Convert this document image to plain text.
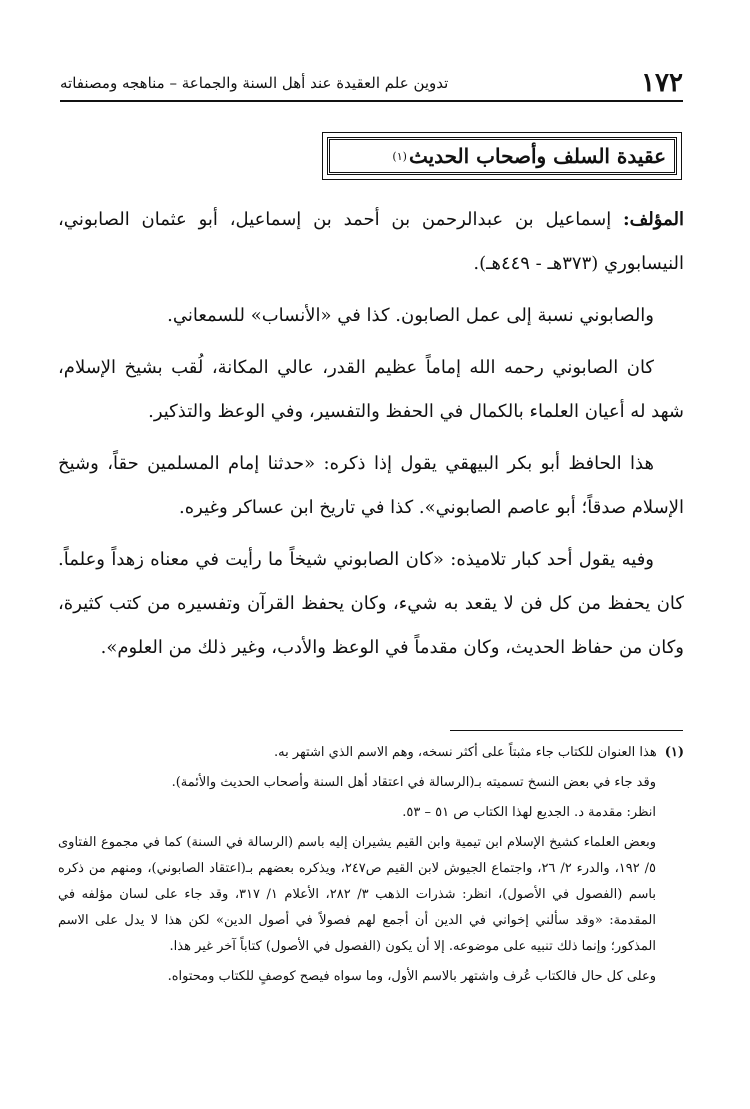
١٧٢
تدوين علم العقيدة عند أهل السنة والجماعة – مناهجه ومصنفاته
عقيدة السلف وأصحاب الحديث
(١)

المؤلف: إسماعيل بن عبدالرحمن بن أحمد بن إسماعيل، أبو عثمان الصابوني، النيسابوري (٣٧٣هـ - ٤٤٩هـ).

والصابوني نسبة إلى عمل الصابون. كذا في «الأنساب» للسمعاني.

كان الصابوني رحمه الله إماماً عظيم القدر، عالي المكانة، لُقب بشيخ الإسلام، شهد له أعيان العلماء بالكمال في الحفظ والتفسير، وفي الوعظ والتذكير.

هذا الحافظ أبو بكر البيهقي يقول إذا ذكره: «حدثنا إمام المسلمين حقاً، وشيخ الإسلام صدقاً؛ أبو عاصم الصابوني». كذا في تاريخ ابن عساكر وغيره.

وفيه يقول أحد كبار تلاميذه: «كان الصابوني شيخاً ما رأيت في معناه زهداً وعلماً. كان يحفظ من كل فن لا يقعد به شيء، وكان يحفظ القرآن وتفسيره من كتب كثيرة، وكان من حفاظ الحديث، وكان مقدماً في الوعظ والأدب، وغير ذلك من العلوم».

(١)
هذا العنوان للكتاب جاء مثبتاً على أكثر نسخه، وهم الاسم الذي اشتهر به.

وقد جاء في بعض النسخ تسميته بـ(الرسالة في اعتقاد أهل السنة وأصحاب الحديث والأئمة).

انظر: مقدمة د. الجديع لهذا الكتاب ص ٥١ – ٥٣.

وبعض العلماء كشيخ الإسلام ابن تيمية وابن القيم يشيران إليه باسم (الرسالة في السنة) كما في مجموع الفتاوى ٥/ ١٩٢، والدرء ٢/ ٢٦، واجتماع الجيوش لابن القيم ص٢٤٧، ويذكره بعضهم بـ(اعتقاد الصابوني)، ومنهم من ذكره باسم (الفصول في الأصول)، انظر: شذرات الذهب ٣/ ٢٨٢، الأعلام ١/ ٣١٧، وقد جاء على لسان مؤلفه في المقدمة: «وقد سألني إخواني في الدين أن أجمع لهم فصولاً في أصول الدين» لكن هذا لا يدل على الاسم المذكور؛ وإنما ذلك تنبيه على موضوعه. إلا أن يكون (الفصول في الأصول) كتاباً آخر غير هذا.

وعلى كل حال فالكتاب عُرف واشتهر بالاسم الأول، وما سواه فيصح كوصفٍ للكتاب ومحتواه.
